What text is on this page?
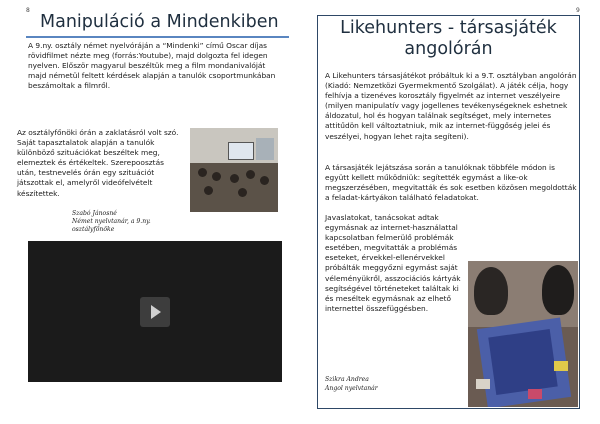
8
Manipuláció a Mindenkiben

A 9.ny. osztály német nyelvóráján a “Mindenki” című Oscar díjas rövidfilmet nézte meg (forrás:Youtube), majd dolgozta fel idegen nyelven. Először magyarul beszéltük meg a film mondanivalóját majd németül feltett kérdések alapján a tanulók csoportmunkában beszámoltak a filmről.

Az osztályfőnöki órán a zaklatásról volt szó. Saját tapasztalatok alapján a tanulók különböző szituációkat beszéltek meg, elemeztek és értékeltek. Szerepoosztás után, testnevelés órán egy szituációt játszottak el, amelyről videófelvételt készítettek.

Szabó Jánosné
Német nyelvtanár, a 9.ny.
osztályfőnöke
9
Likehunters - társasjáték
angolórán

A Likehunters társasjátékot próbáltuk ki a 9.T. osztályban angolórán (Kiadó: Nemzetközi Gyermekmentő Szolgálat). A játék célja, hogy felhívja a tizenéves korosztály figyelmét az internet veszélyeire (milyen manipulatív vagy jogellenes tevékenységeknek eshetnek áldozatul, hol és hogyan találnak segítséget, mely internetes attitűdön kell változtatniuk, mik az internet-függőség jelei és veszélyei, hogyan lehet rajta segíteni).

A társasjáték lejátszása során a tanulóknak többféle módon is együtt kellett működniük: segítették egymást a like-ok megszerzésében, megvitatták és sok esetben közösen megoldották a feladat-kártyákon található feladatokat.

Javaslatokat, tanácsokat adtak egymásnak az internet-használattal kapcsolatban felmerülő problémák esetében, megvitatták a problémás eseteket, érvekkel-ellenérvekkel próbálták meggyőzni egymást saját véleményükről, asszociációs kártyák segítségével történeteket találtak ki és meséltek egymásnak az elhető internettel összefüggésben.

Szikra Andrea
Angol nyelvtanár
